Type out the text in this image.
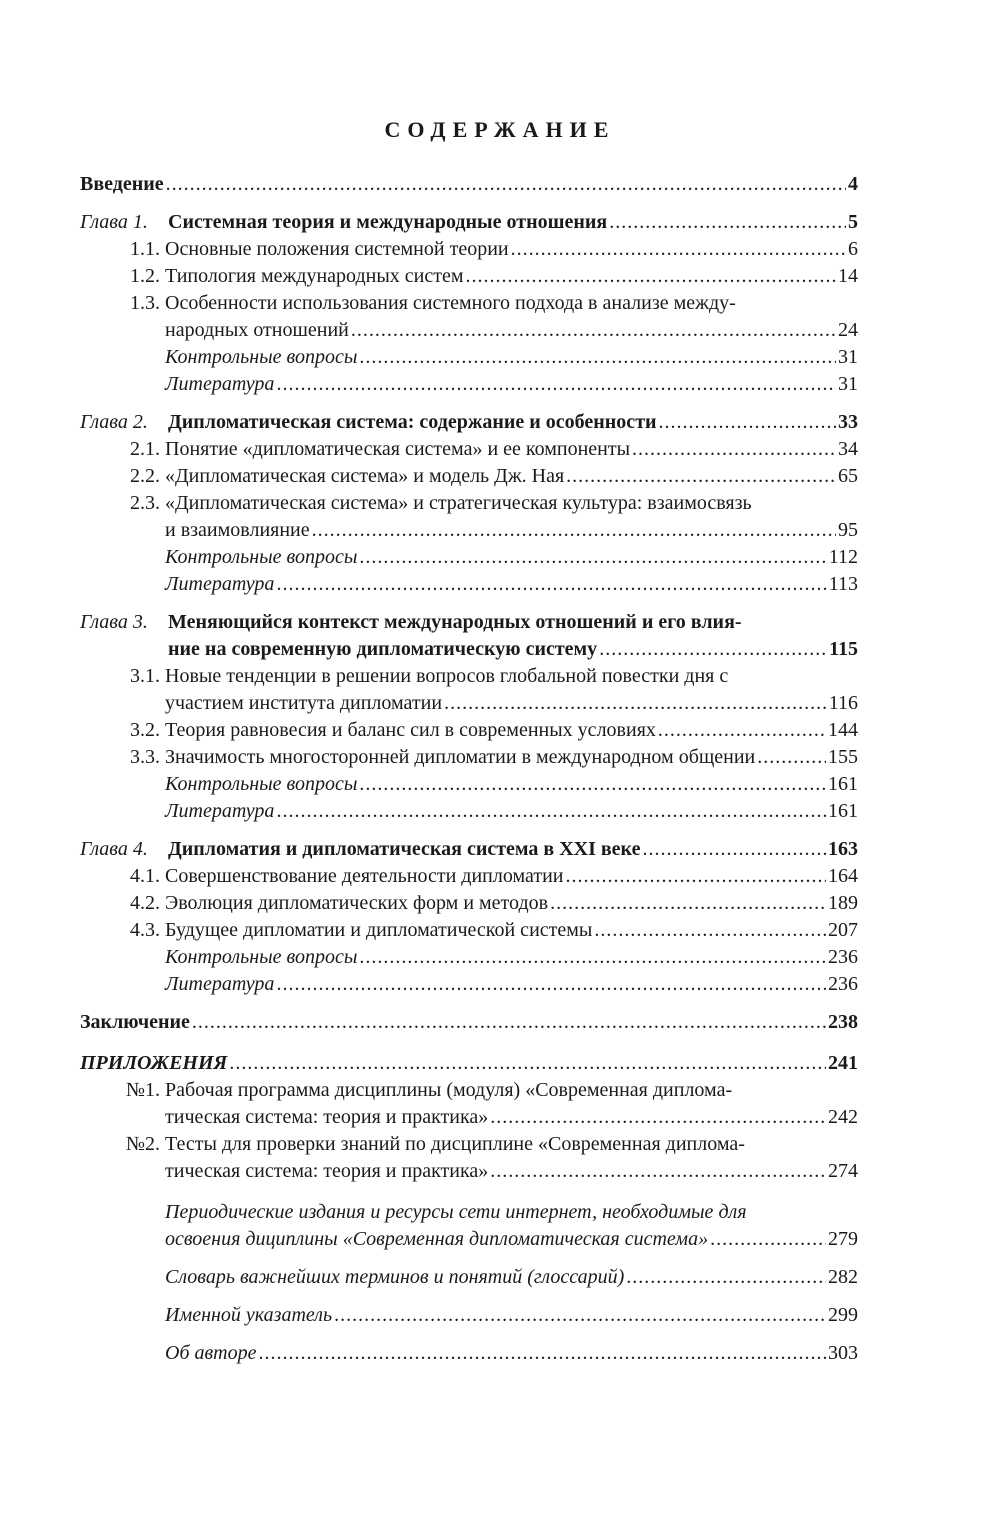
СОДЕРЖАНИЕ
Введение .....	4
Глава 1. Системная теория и международные отношения .....	5
1.1. Основные положения системной теории .....	6
1.2. Типология международных систем .....	14
1.3. Особенности использования системного подхода в анализе между-
народных отношений .....	24
Контрольные вопросы .....	31
Литература .....	31
Глава 2. Дипломатическая система: содержание и особенности .....	33
2.1. Понятие «дипломатическая система» и ее компоненты .....	34
2.2. «Дипломатическая система» и модель Дж. Ная .....	65
2.3. «Дипломатическая система» и стратегическая культура: взаимосвязь
и взаимовлияние .....	95
Контрольные вопросы .....	112
Литература .....	113
Глава 3. Меняющийся контекст международных отношений и его влия-
ние на современную дипломатическую систему .....	115
3.1. Новые тенденции в решении вопросов глобальной повестки дня с
участием института дипломатии .....	116
3.2. Теория равновесия и баланс сил в современных условиях .....	144
3.3. Значимость многосторонней дипломатии в международном общении .....	155
Контрольные вопросы .....	161
Литература .....	161
Глава 4. Дипломатия и дипломатическая система в XXI веке .....	163
4.1. Совершенствование деятельности дипломатии .....	164
4.2. Эволюция дипломатических форм и методов .....	189
4.3. Будущее дипломатии и дипломатической системы .....	207
Контрольные вопросы .....	236
Литература .....	236
Заключение .....	238
ПРИЛОЖЕНИЯ .....	241
№1. Рабочая программа дисциплины (модуля) «Современная диплома-
тическая система: теория и практика» .....	242
№2. Тесты для проверки знаний по дисциплине «Современная диплома-
тическая система: теория и практика» .....	274
Периодические издания и ресурсы сети интернет, необходимые для
освоения дициплины «Современная дипломатическая система» .....	279
Словарь важнейших терминов и понятий (глоссарий) .....	282
Именной указатель .....	299
Об авторе .....	303
